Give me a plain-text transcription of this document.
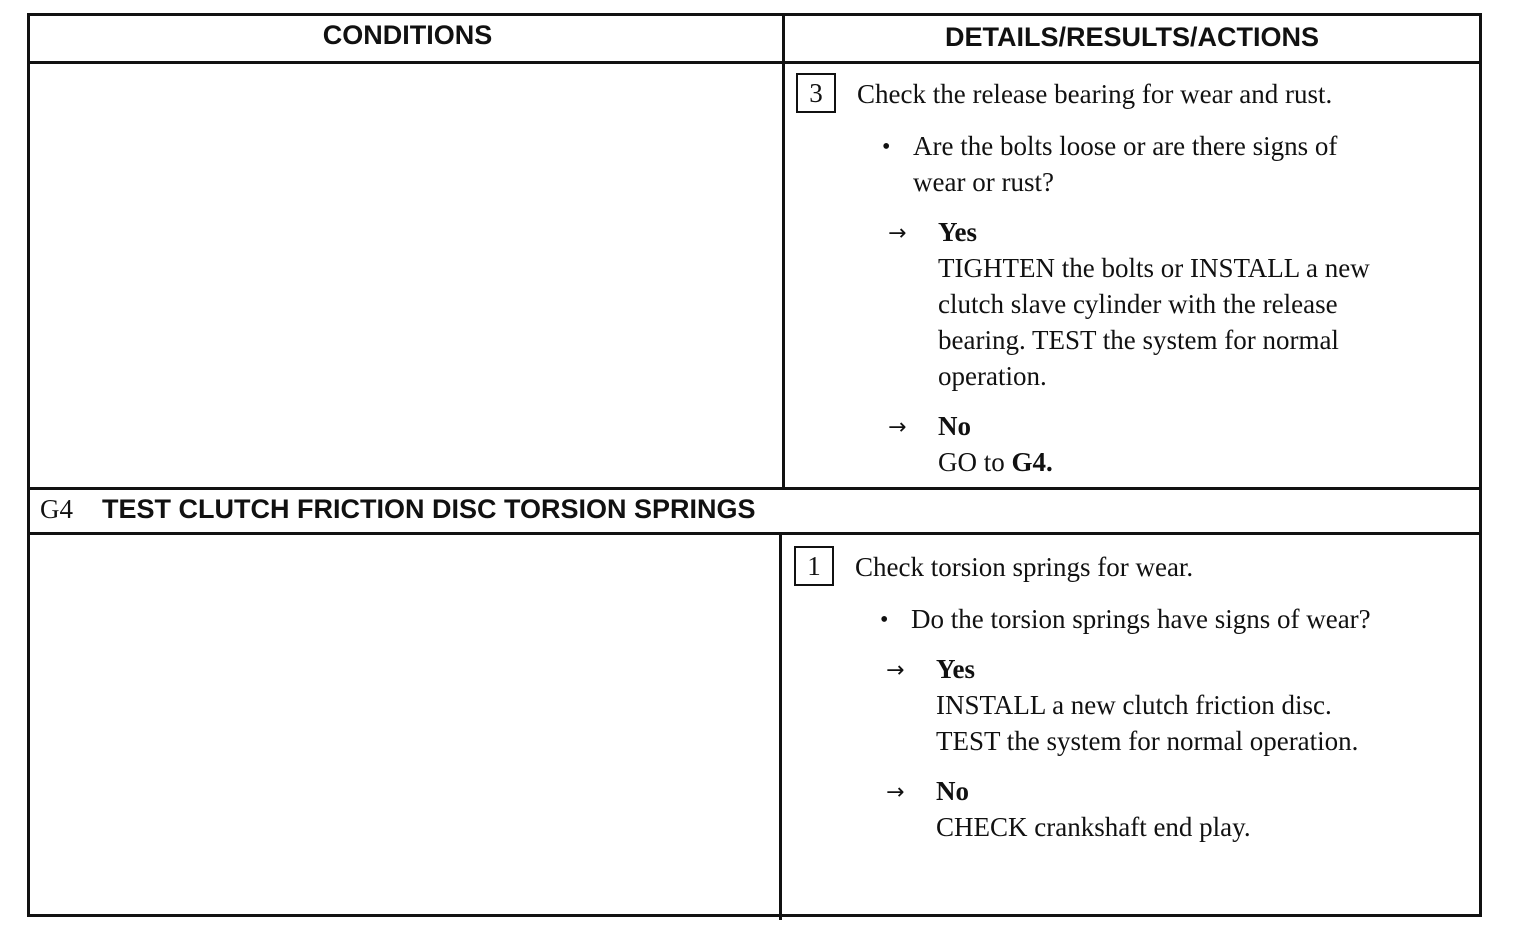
CONDITIONS	DETAILS/RESULTS/ACTIONS
3	Check the release bearing for wear and rust.
• Are the bolts loose or are there signs of
wear or rust?
→ Yes
TIGHTEN the bolts or INSTALL a new
clutch slave cylinder with the release
bearing. TEST the system for normal
operation.
→ No
GO to G4.
G4 TEST CLUTCH FRICTION DISC TORSION SPRINGS
1	Check torsion springs for wear.
• Do the torsion springs have signs of wear?
→ Yes
INSTALL a new clutch friction disc.
TEST the system for normal operation.
→ No
CHECK crankshaft end play.
